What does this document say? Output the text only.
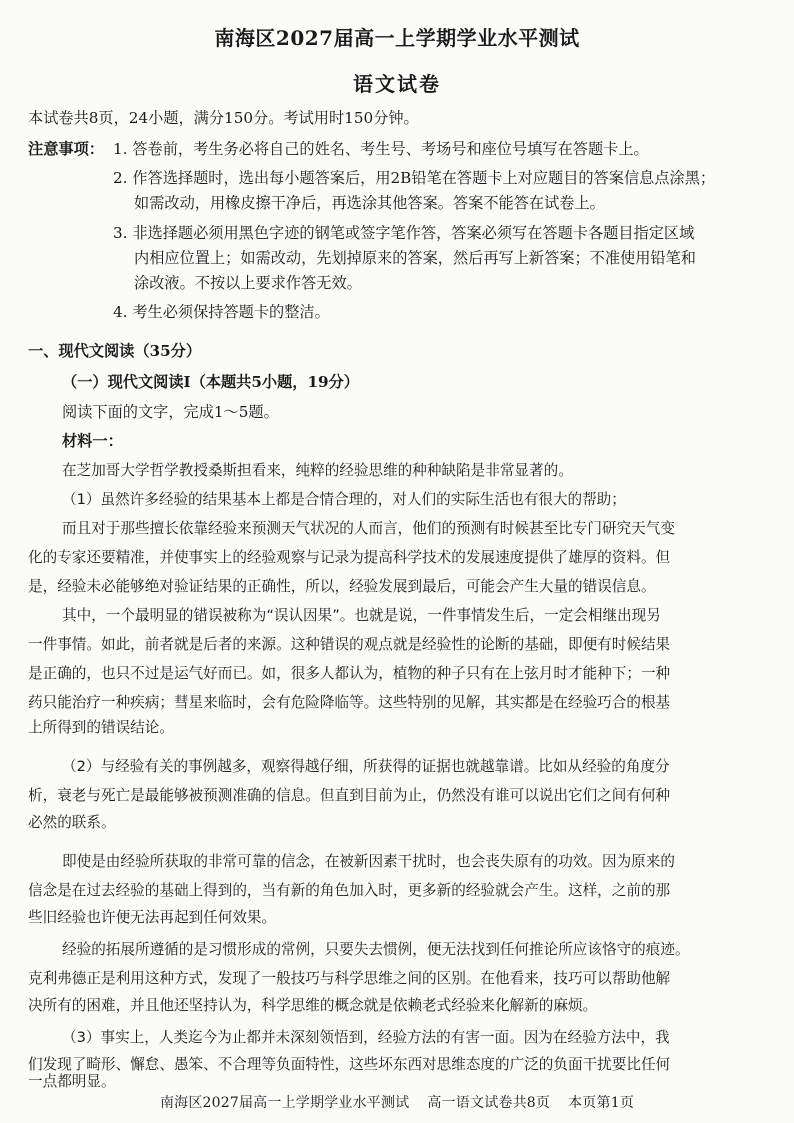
南海区2027届高一上学期学业水平测试
语文试卷
本试卷共8页，24小题，满分150分。考试用时150分钟。
注意事项： 1. 答卷前，考生务必将自己的姓名、考生号、考场号和座位号填写在答题卡上。
2. 作答选择题时，选出每小题答案后，用2B铅笔在答题卡上对应题目的答案信息点涂黑；
如需改动，用橡皮擦干净后，再选涂其他答案。答案不能答在试卷上。
3. 非选择题必须用黑色字迹的钢笔或签字笔作答，答案必须写在答题卡各题目指定区域
内相应位置上；如需改动，先划掉原来的答案，然后再写上新答案；不准使用铅笔和
涂改液。不按以上要求作答无效。
4. 考生必须保持答题卡的整洁。
一、现代文阅读（35分）
（一）现代文阅读Ⅰ（本题共5小题，19分）
阅读下面的文字，完成1～5题。
材料一：
在芝加哥大学哲学教授桑斯担看来，纯粹的经验思维的种种缺陷是非常显著的。
（1）虽然许多经验的结果基本上都是合情合理的，对人们的实际生活也有很大的帮助；
而且对于那些擅长依靠经验来预测天气状况的人而言，他们的预测有时候甚至比专门研究天气变
化的专家还要精准，并使事实上的经验观察与记录为提高科学技术的发展速度提供了雄厚的资料。但
是，经验未必能够绝对验证结果的正确性，所以，经验发展到最后，可能会产生大量的错误信息。
其中，一个最明显的错误被称为“误认因果”。也就是说，一件事情发生后，一定会相继出现另
一件事情。如此，前者就是后者的来源。这种错误的观点就是经验性的论断的基础，即便有时候结果
是正确的，也只不过是运气好而已。如，很多人都认为，植物的种子只有在上弦月时才能种下；一种
药只能治疗一种疾病；彗星来临时，会有危险降临等。这些特别的见解，其实都是在经验巧合的根基
上所得到的错误结论。
（2）与经验有关的事例越多，观察得越仔细，所获得的证据也就越靠谱。比如从经验的角度分
析，衰老与死亡是最能够被预测准确的信息。但直到目前为止，仍然没有谁可以说出它们之间有何种
必然的联系。
即使是由经验所获取的非常可靠的信念，在被新因素干扰时，也会丧失原有的功效。因为原来的
信念是在过去经验的基础上得到的，当有新的角色加入时，更多新的经验就会产生。这样，之前的那
些旧经验也许便无法再起到任何效果。
经验的拓展所遵循的是习惯形成的常例，只要失去惯例，便无法找到任何推论所应该恪守的痕迹。
克利弗德正是利用这种方式，发现了一般技巧与科学思维之间的区别。在他看来，技巧可以帮助他解
决所有的困难，并且他还坚持认为，科学思维的概念就是依赖老式经验来化解新的麻烦。
（3）事实上，人类迄今为止都并未深刻领悟到，经验方法的有害一面。因为在经验方法中，我
们发现了畸形、懈怠、愚笨、不合理等负面特性，这些坏东西对思维态度的广泛的负面干扰要比任何
一点都明显。
南海区2027届高一上学期学业水平测试 高一语文试卷共8页 本页第1页
